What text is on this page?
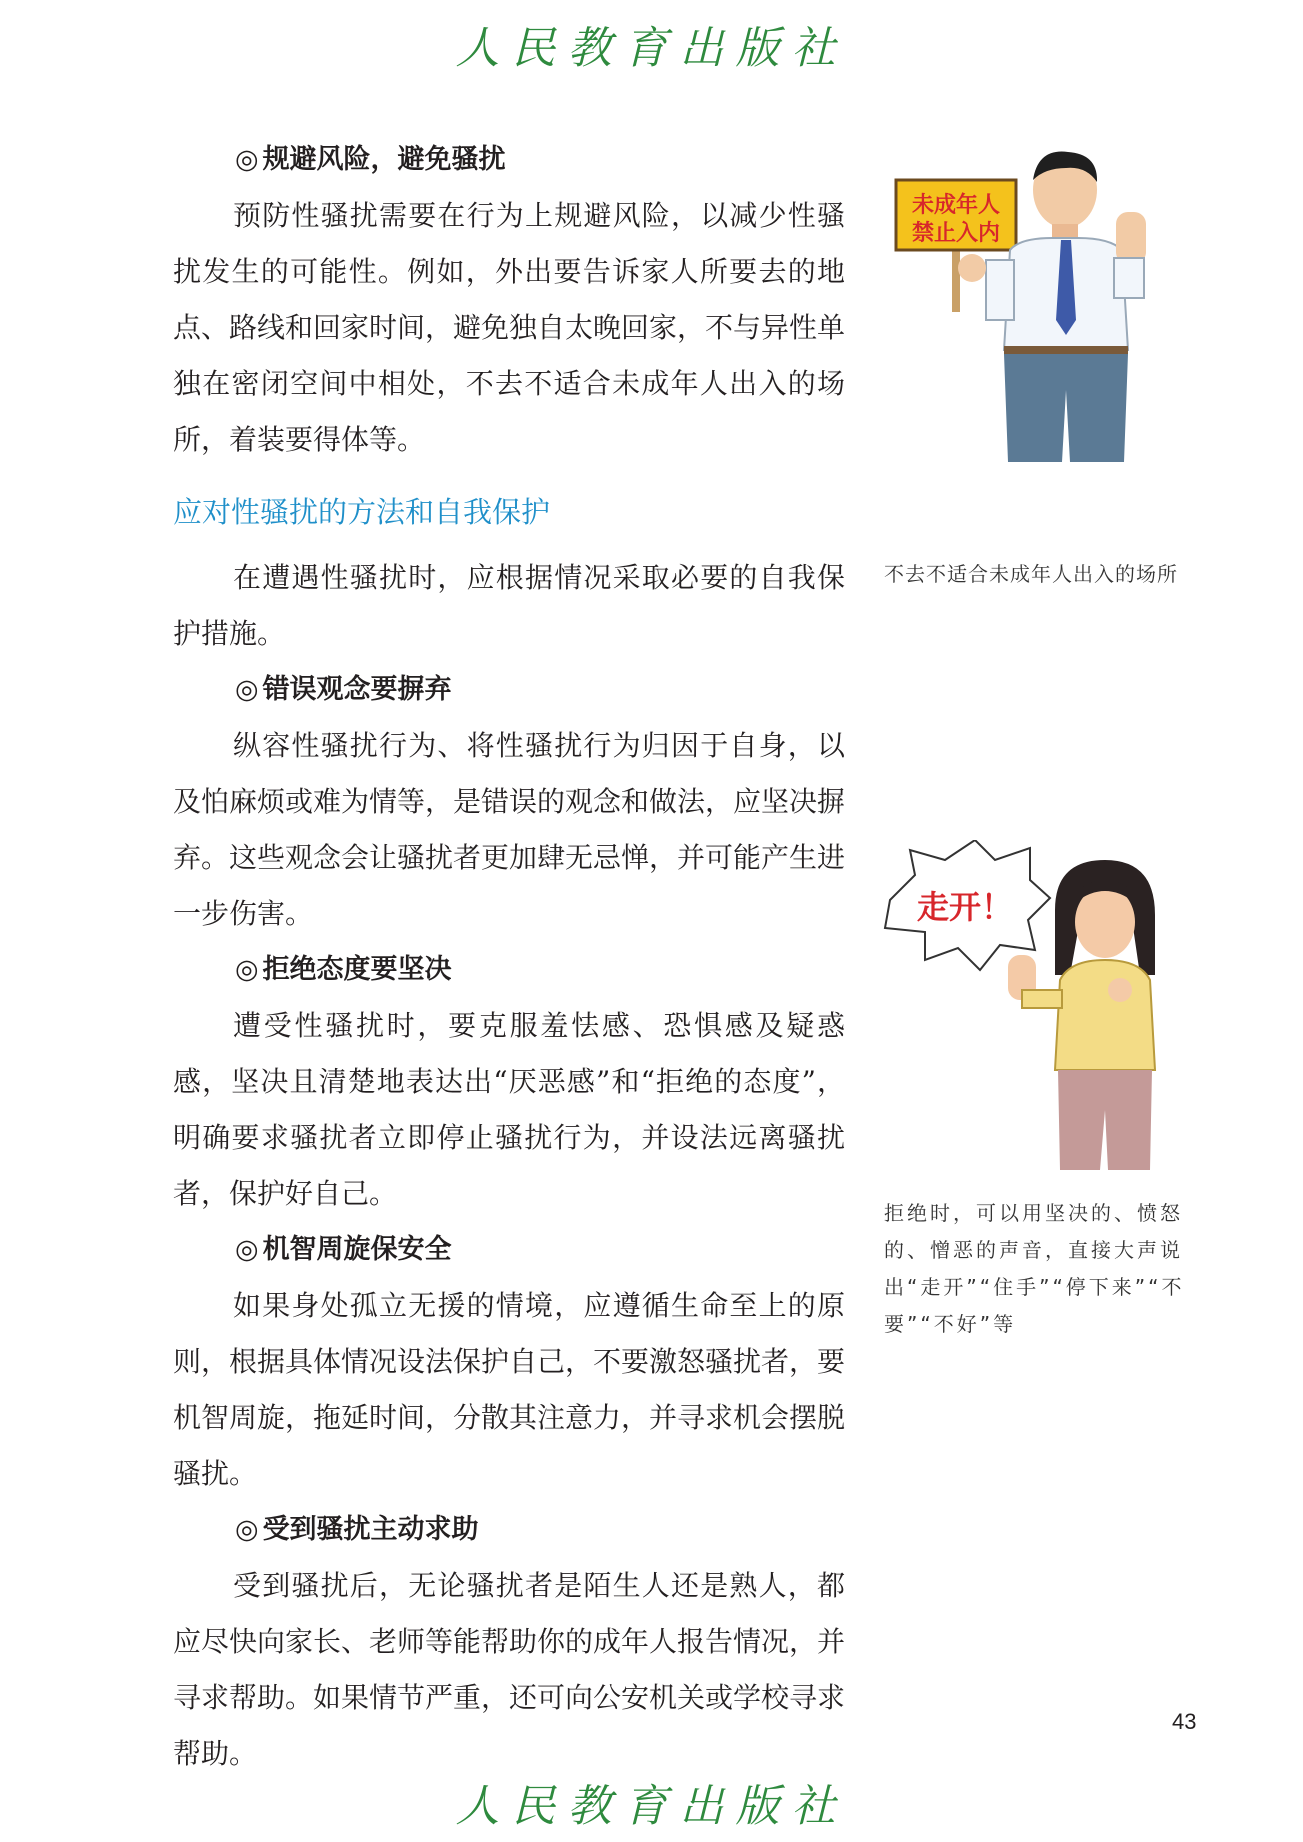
人民教育出版社
◎ 规避风险，避免骚扰

预防性骚扰需要在行为上规避风险，以减少性骚扰发生的可能性。例如，外出要告诉家人所要去的地点、路线和回家时间，避免独自太晚回家，不与异性单独在密闭空间中相处，不去不适合未成年人出入的场所，着装要得体等。

应对性骚扰的方法和自我保护

在遭遇性骚扰时，应根据情况采取必要的自我保护措施。

◎ 错误观念要摒弃

纵容性骚扰行为、将性骚扰行为归因于自身，以及怕麻烦或难为情等，是错误的观念和做法，应坚决摒弃。这些观念会让骚扰者更加肆无忌惮，并可能产生进一步伤害。

◎ 拒绝态度要坚决

遭受性骚扰时，要克服羞怯感、恐惧感及疑惑感，坚决且清楚地表达出“厌恶感”和“拒绝的态度”，明确要求骚扰者立即停止骚扰行为，并设法远离骚扰者，保护好自己。

◎ 机智周旋保安全

如果身处孤立无援的情境，应遵循生命至上的原则，根据具体情况设法保护自己，不要激怒骚扰者，要机智周旋，拖延时间，分散其注意力，并寻求机会摆脱骚扰。

◎ 受到骚扰主动求助

受到骚扰后，无论骚扰者是陌生人还是熟人，都应尽快向家长、老师等能帮助你的成年人报告情况，并寻求帮助。如果情节严重，还可向公安机关或学校寻求帮助。

未成年人
禁止入内
不去不适合未成年人出入的场所
走开！
拒绝时，可以用坚决的、愤怒的、憎恶的声音，直接大声说出“走开”“住手”“停下来”“不要”“不好”等
43
人民教育出版社
